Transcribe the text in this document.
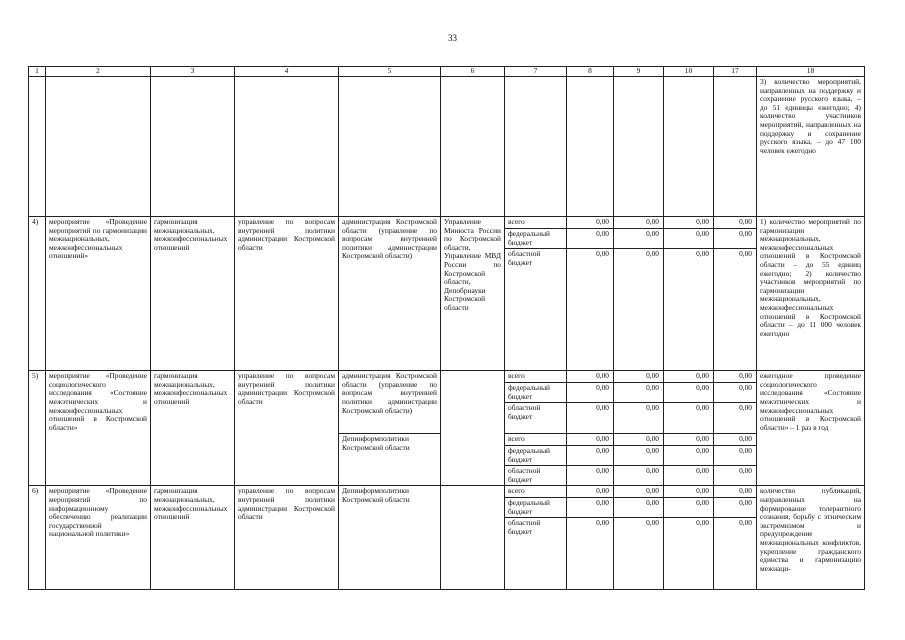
33
1	2	3	4	5	6	7	8	9	10	17	18
											3) количество мероприятий, направленных на поддержку и сохранение русского языка, – до 51 единицы ежегодно; 4) количество участников мероприятий, направленных на поддержку и сохранение русского языка, – до 47 100 человек ежегодно
4)	мероприятие «Проведение мероприятий по гармонизации межнациональных, межконфессиональных отношений»	гармонизация межнациональных, межконфессиональных отношений	управление по вопросам внутренней политики администрации Костромской области	администрация Костромской области (управление по вопросам внутренней политики администрации Костромской области)	Управление Минюста России по Костромской области, Управление МВД России по Костромской области, Депобрнауки Костромской области	всего	0,00	0,00	0,00	0,00	1) количество мероприятий по гармонизации межнациональных, межконфессиональных отношений в Костромской области – до 55 единиц ежегодно; 2) количество участников мероприятий по гармонизации межнациональных, межконфессиональных отношений в Костромской области – до 11 000 человек ежегодно
						федеральный бюджет	0,00	0,00	0,00	0,00	
						областной бюджет	0,00	0,00	0,00	0,00	
5)	мероприятие «Проведение социологического исследования «Состояние межэтнических и межконфессиональных отношений в Костромской области»	гармонизация межнациональных, межконфессиональных отношений	управление по вопросам внутренней политики администрации Костромской области	администрация Костромской области (управление по вопросам внутренней политики администрации Костромской области)		всего	0,00	0,00	0,00	0,00	ежегодное проведение социологического исследования «Состояние межэтнических и межконфессиональных отношений в Костромской области» – 1 раз в год
						федеральный бюджет	0,00	0,00	0,00	0,00	
						областной бюджет	0,00	0,00	0,00	0,00	
				Депинформполитики Костромской области		всего	0,00	0,00	0,00	0,00	
						федеральный бюджет	0,00	0,00	0,00	0,00	
						областной бюджет	0,00	0,00	0,00	0,00	
6)	мероприятие «Проведение мероприятий по информационному обеспечению реализации государственной национальной политики»	гармонизация межнациональных, межконфессиональных отношений	управление по вопросам внутренней политики администрации Костромской области	Депинформполитики Костромской области		всего	0,00	0,00	0,00	0,00	количество публикаций, направленных на формирование толерантного сознания, борьбу с этническим экстремизмом и предупреждение межнациональных конфликтов, укрепление гражданского единства и гармонизацию межнаци-
						федеральный бюджет	0,00	0,00	0,00	0,00	
						областной бюджет	0,00	0,00	0,00	0,00	
